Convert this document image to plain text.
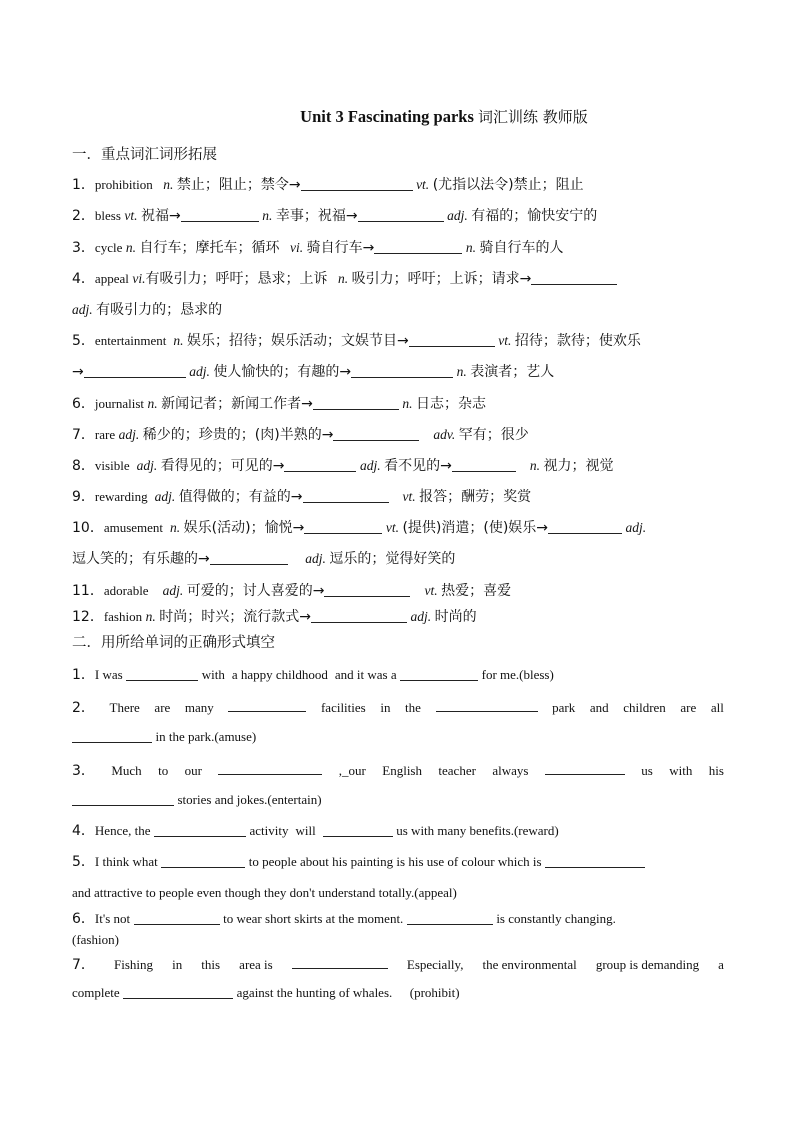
Unit 3 Fascinating parks 词汇训练 教师版
一．重点词汇词形拓展
1．prohibition n. 禁止；阻止；禁令→	vt. (尤指以法令)禁止；阻止
2．bless vt. 祝福→	n. 幸事；祝福→	adj. 有福的；愉快安宁的
3．cycle n. 自行车；摩托车；循环 vi. 骑自行车→	n. 骑自行车的人
4．appeal vi.有吸引力；呼吁；恳求；上诉 n. 吸引力；呼吁；上诉；请求→
adj. 有吸引力的；恳求的
5．entertainment n. 娱乐；招待；娱乐活动；文娱节目→	vt. 招待；款待；使欢乐
→	adj. 使人愉快的；有趣的→	n. 表演者；艺人
6．journalist n. 新闻记者；新闻工作者→	n. 日志；杂志
7．rare adj. 稀少的；珍贵的；(肉)半熟的→	adv. 罕有；很少
8．visible adj. 看得见的；可见的→	adj. 看不见的→	n. 视力；视觉
9．rewarding adj. 值得做的；有益的→	vt. 报答；酬劳；奖赏
10．amusement n. 娱乐(活动)；愉悦→	vt. (提供)消遣；(使)娱乐→	adj.
逗人笑的；有乐趣的→	adj. 逗乐的；觉得好笑的
11．adorable adj. 可爱的；讨人喜爱的→	vt. 热爱；喜爱
12．fashion n. 时尚；时兴；流行款式→	adj. 时尚的
二．用所给单词的正确形式填空
1．I was	with a happy childhood and it was a	for me.(bless)
2． There are many	facilities in the	park and children are all
in the park.(amuse)
3． Much to our	,_our English teacher always	us with his
stories and jokes.(entertain)
4．Hence, the	activity will	us with many benefits.(reward)
5．I think what	to people about his painting is his use of colour which is
and attractive to people even though they don't understand totally.(appeal)
6．It's not	to wear short skirts at the moment.	is constantly changing.
(fashion)
7． Fishing in this area is	Especially, the environmental group is demanding a
complete	against the hunting of whales. (prohibit)
